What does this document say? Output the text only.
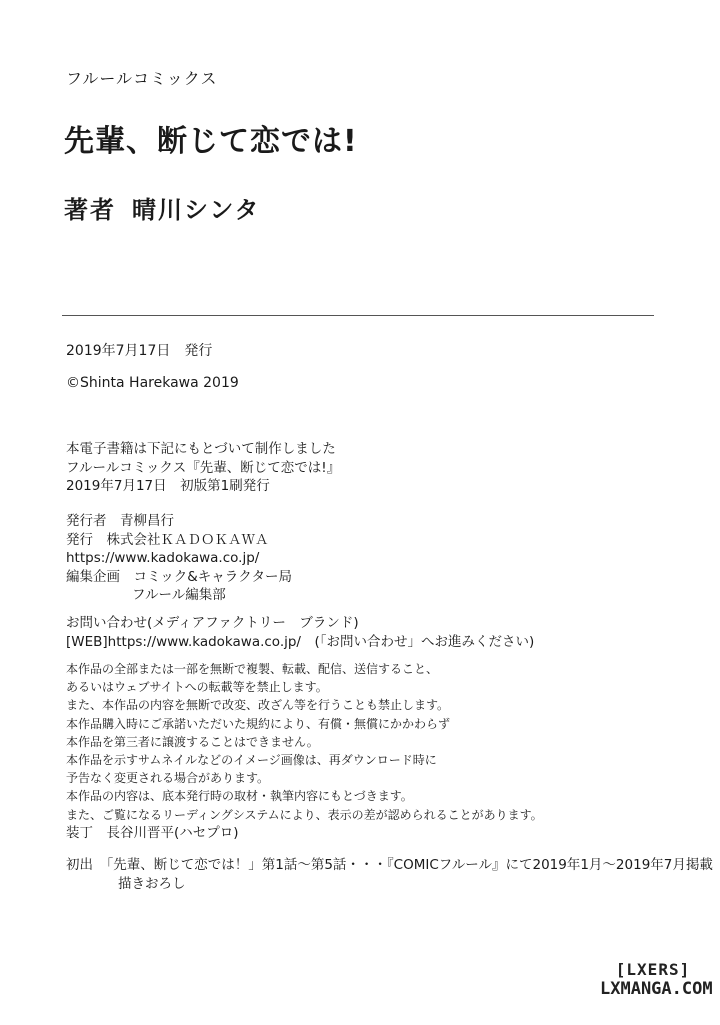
フルールコミックス
先輩、断じて恋では!
著者 晴川シンタ
2019年7月17日 発行
©Shinta Harekawa 2019
本電子書籍は下記にもとづいて制作しました
フルールコミックス『先輩、断じて恋では!』
2019年7月17日　初版第1刷発行
発行者　青柳昌行
発行　株式会社ＫＡＤＯＫＡＷＡ
https://www.kadokawa.co.jp/
編集企画　コミック&キャラクター局
フルール編集部
お問い合わせ(メディアファクトリー　ブランド)
[WEB]https://www.kadokawa.co.jp/　(「お問い合わせ」へお進みください)
本作品の全部または一部を無断で複製、転載、配信、送信すること、
あるいはウェブサイトへの転載等を禁止します。
また、本作品の内容を無断で改変、改ざん等を行うことも禁止します。
本作品購入時にご承諾いただいた規約により、有償・無償にかかわらず
本作品を第三者に譲渡することはできません。
本作品を示すサムネイルなどのイメージ画像は、再ダウンロード時に
予告なく変更される場合があります。
本作品の内容は、底本発行時の取材・執筆内容にもとづきます。
また、ご覧になるリーディングシステムにより、表示の差が認められることがあります。
装丁　長谷川晋平(ハセプロ)
初出　「先輩、断じて恋では！」第1話～第5話・・・『COMICフルール』にて2019年1月～2019年7月掲載
描きおろし
[LXERS]
LXMANGA.COM
